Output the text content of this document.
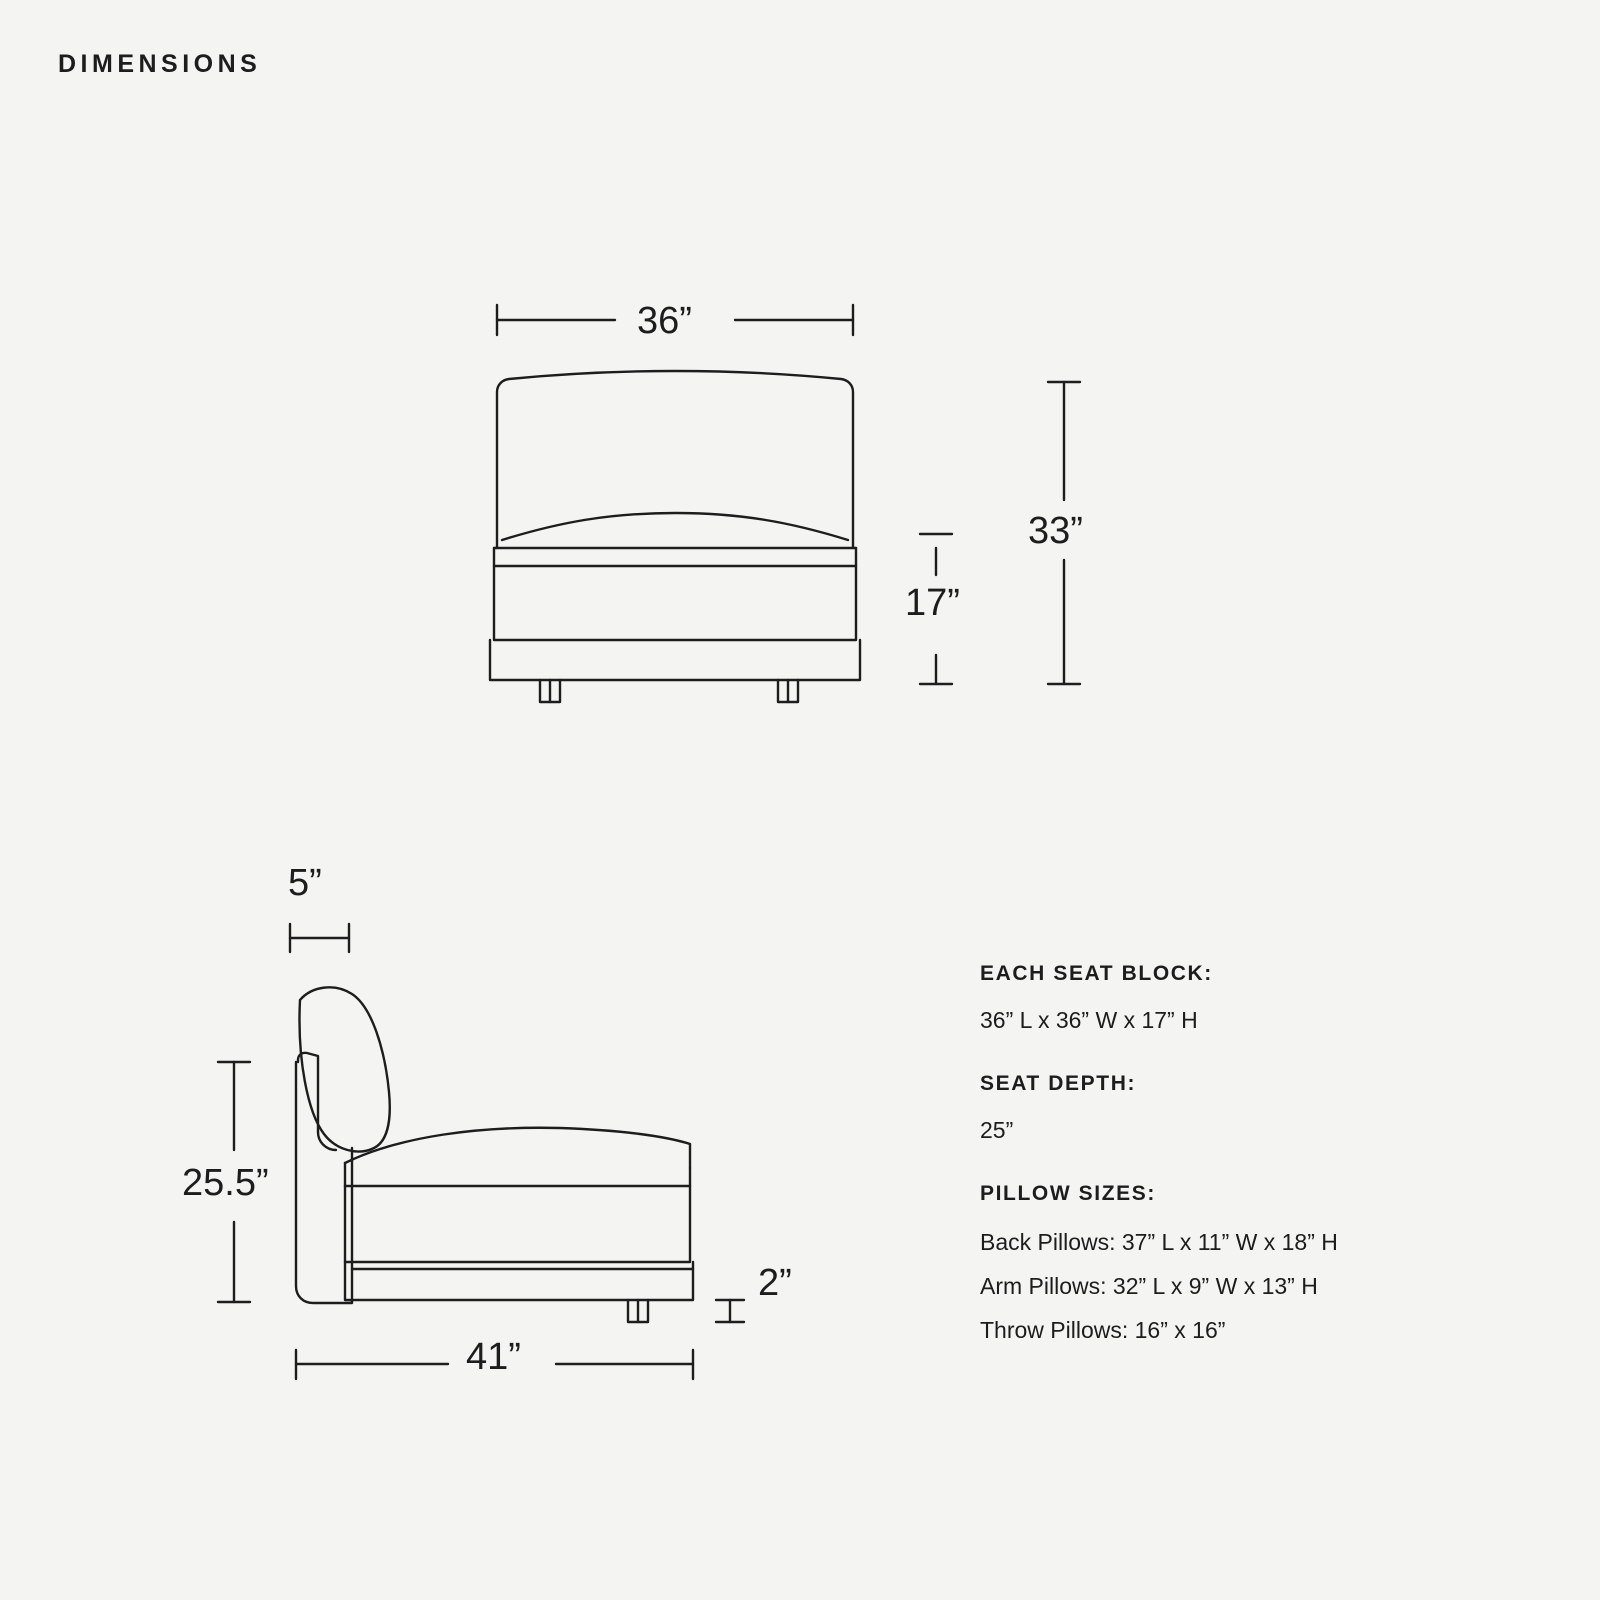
DIMENSIONS
36”
33”
17”
5”
25.5”
2”
41”
EACH SEAT BLOCK:
36” L x 36” W x 17” H
SEAT DEPTH:
25”
PILLOW SIZES:
Back Pillows: 37” L x 11” W x 18” H
Arm Pillows: 32” L x 9” W x 13” H
Throw Pillows: 16” x 16”
